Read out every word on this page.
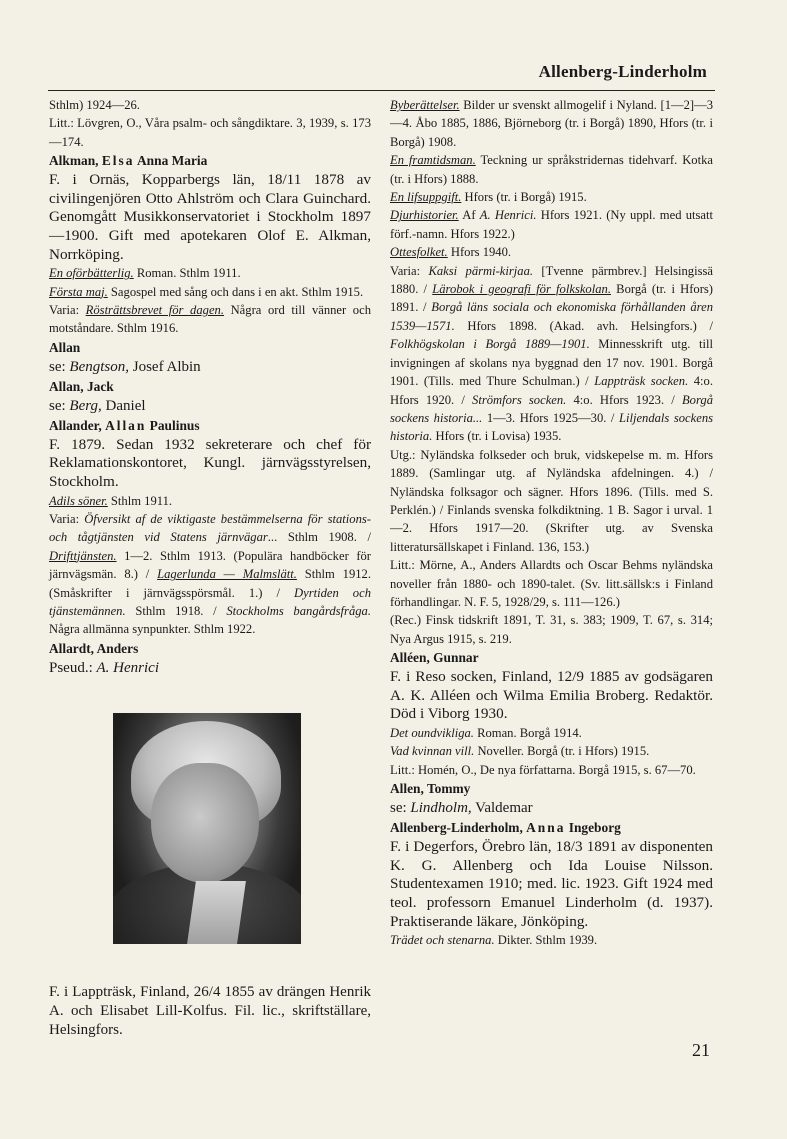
Allenberg-Linderholm

Sthlm) 1924—26.

Litt.: Lövgren, O., Våra psalm- och sångdiktare. 3, 1939, s. 173—174.

Alkman, Elsa Anna Maria

F. i Ornäs, Kopparbergs län, 18/11 1878 av civilingenjören Otto Ahlström och Clara Guinchard. Genomgått Musikkonservatoriet i Stockholm 1897—1900. Gift med apotekaren Olof E. Alkman, Norrköping.

En oförbätterlig. Roman. Sthlm 1911.

Första maj. Sagospel med sång och dans i en akt. Sthlm 1915.

Varia: Rösträttsbrevet för dagen. Några ord till vänner och motståndare. Sthlm 1916.

Allan

se: Bengtson, Josef Albin

Allan, Jack

se: Berg, Daniel

Allander, Allan Paulinus

F. 1879. Sedan 1932 sekreterare och chef för Reklamationskontoret, Kungl. järnvägsstyrelsen, Stockholm.

Adils söner. Sthlm 1911.

Varia: Öfversikt af de viktigaste bestämmelserna för stations- och tågtjänsten vid Statens järnvägar... Sthlm 1908. / Drifttjänsten. 1—2. Sthlm 1913. (Populära handböcker för järnvägsmän. 8.) / Lagerlunda — Malmslätt. Sthlm 1912. (Småskrifter i järnvägsspörsmål. 1.) / Dyrtiden och tjänstemännen. Sthlm 1918. / Stockholms bangårdsfråga. Några allmänna synpunkter. Sthlm 1922.

Allardt, Anders

Pseud.: A. Henrici

F. i Lappträsk, Finland, 26/4 1855 av drängen Henrik A. och Elisabet Lill-Kolfus. Fil. lic., skriftställare, Helsingfors.

Byberättelser. Bilder ur svenskt allmogelif i Nyland. [1—2]—3—4. Åbo 1885, 1886, Björneborg (tr. i Borgå) 1890, Hfors (tr. i Borgå) 1908.

En framtidsman. Teckning ur språkstridernas tidehvarf. Kotka (tr. i Hfors) 1888.

En lifsuppgift. Hfors (tr. i Borgå) 1915.

Djurhistorier. Af A. Henrici. Hfors 1921. (Ny uppl. med utsatt förf.-namn. Hfors 1922.)

Ottesfolket. Hfors 1940.

Varia: Kaksi pärmi-kirjaa. [Tvenne pärmbrev.] Helsingissä 1880. / Lärobok i geografi för folkskolan. Borgå (tr. i Hfors) 1891. / Borgå läns sociala och ekonomiska förhållanden åren 1539—1571. Hfors 1898. (Akad. avh. Helsingfors.) / Folkhögskolan i Borgå 1889—1901. Minnesskrift utg. till invigningen af skolans nya byggnad den 17 nov. 1901. Borgå 1901. (Tills. med Thure Schulman.) / Lappträsk socken. 4:o. Hfors 1920. / Strömfors socken. 4:o. Hfors 1923. / Borgå sockens historia... 1—3. Hfors 1925—30. / Liljendals sockens historia. Hfors (tr. i Lovisa) 1935.

Utg.: Nyländska folkseder och bruk, vidskepelse m. m. Hfors 1889. (Samlingar utg. af Nyländska afdelningen. 4.) / Nyländska folksagor och sägner. Hfors 1896. (Tills. med S. Perklén.) / Finlands svenska folkdiktning. 1 B. Sagor i urval. 1—2. Hfors 1917—20. (Skrifter utg. av Svenska litteratursällskapet i Finland. 136, 153.)

Litt.: Mörne, A., Anders Allardts och Oscar Behms nyländska noveller från 1880- och 1890-talet. (Sv. litt.sällsk:s i Finland förhandlingar. N. F. 5, 1928/29, s. 111—126.)

(Rec.) Finsk tidskrift 1891, T. 31, s. 383; 1909, T. 67, s. 314; Nya Argus 1915, s. 219.

Alléen, Gunnar

F. i Reso socken, Finland, 12/9 1885 av godsägaren A. K. Alléen och Wilma Emilia Broberg. Redaktör. Död i Viborg 1930.

Det oundvikliga. Roman. Borgå 1914.

Vad kvinnan vill. Noveller. Borgå (tr. i Hfors) 1915.

Litt.: Homén, O., De nya författarna. Borgå 1915, s. 67—70.

Allen, Tommy

se: Lindholm, Valdemar

Allenberg-Linderholm, Anna Ingeborg

F. i Degerfors, Örebro län, 18/3 1891 av disponenten K. G. Allenberg och Ida Louise Nilsson. Studentexamen 1910; med. lic. 1923. Gift 1924 med teol. professorn Emanuel Linderholm (d. 1937). Praktiserande läkare, Jönköping.

Trädet och stenarna. Dikter. Sthlm 1939.

21
